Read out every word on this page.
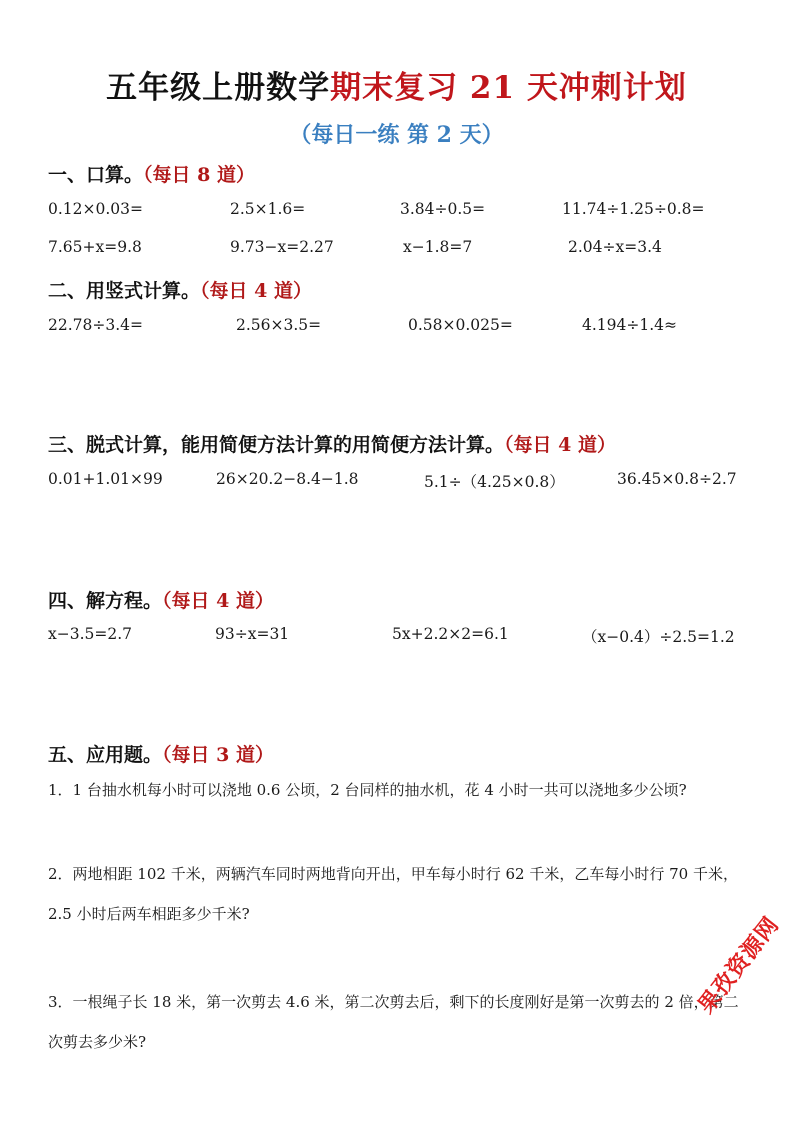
五年级上册数学期末复习 21 天冲刺计划
（每日一练 第 2 天）
一、口算。（每日 8 道）
0.12×0.03=	2.5×1.6=	3.84÷0.5=	11.74÷1.25÷0.8=
7.65+x=9.8	9.73−x=2.27	x−1.8=7	2.04÷x=3.4
二、用竖式计算。（每日 4 道）
22.78÷3.4=	2.56×3.5=	0.58×0.025=	4.194÷1.4≈
三、脱式计算，能用简便方法计算的用简便方法计算。（每日 4 道）
0.01+1.01×99	26×20.2−8.4−1.8	5.1÷（4.25×0.8）	36.45×0.8÷2.7
四、解方程。（每日 4 道）
x−3.5=2.7	93÷x=31	5x+2.2×2=6.1	（x−0.4）÷2.5=1.2
五、应用题。（每日 3 道）
1．1 台抽水机每小时可以浇地 0.6 公顷，2 台同样的抽水机，花 4 小时一共可以浇地多少公顷?
2．两地相距 102 千米，两辆汽车同时两地背向开出，甲车每小时行 62 千米，乙车每小时行 70 千米，2.5 小时后两车相距多少千米?
3．一根绳子长 18 米，第一次剪去 4.6 米，第二次剪去后，剩下的长度刚好是第一次剪去的 2 倍，第二次剪去多少米?
果孜资源网
